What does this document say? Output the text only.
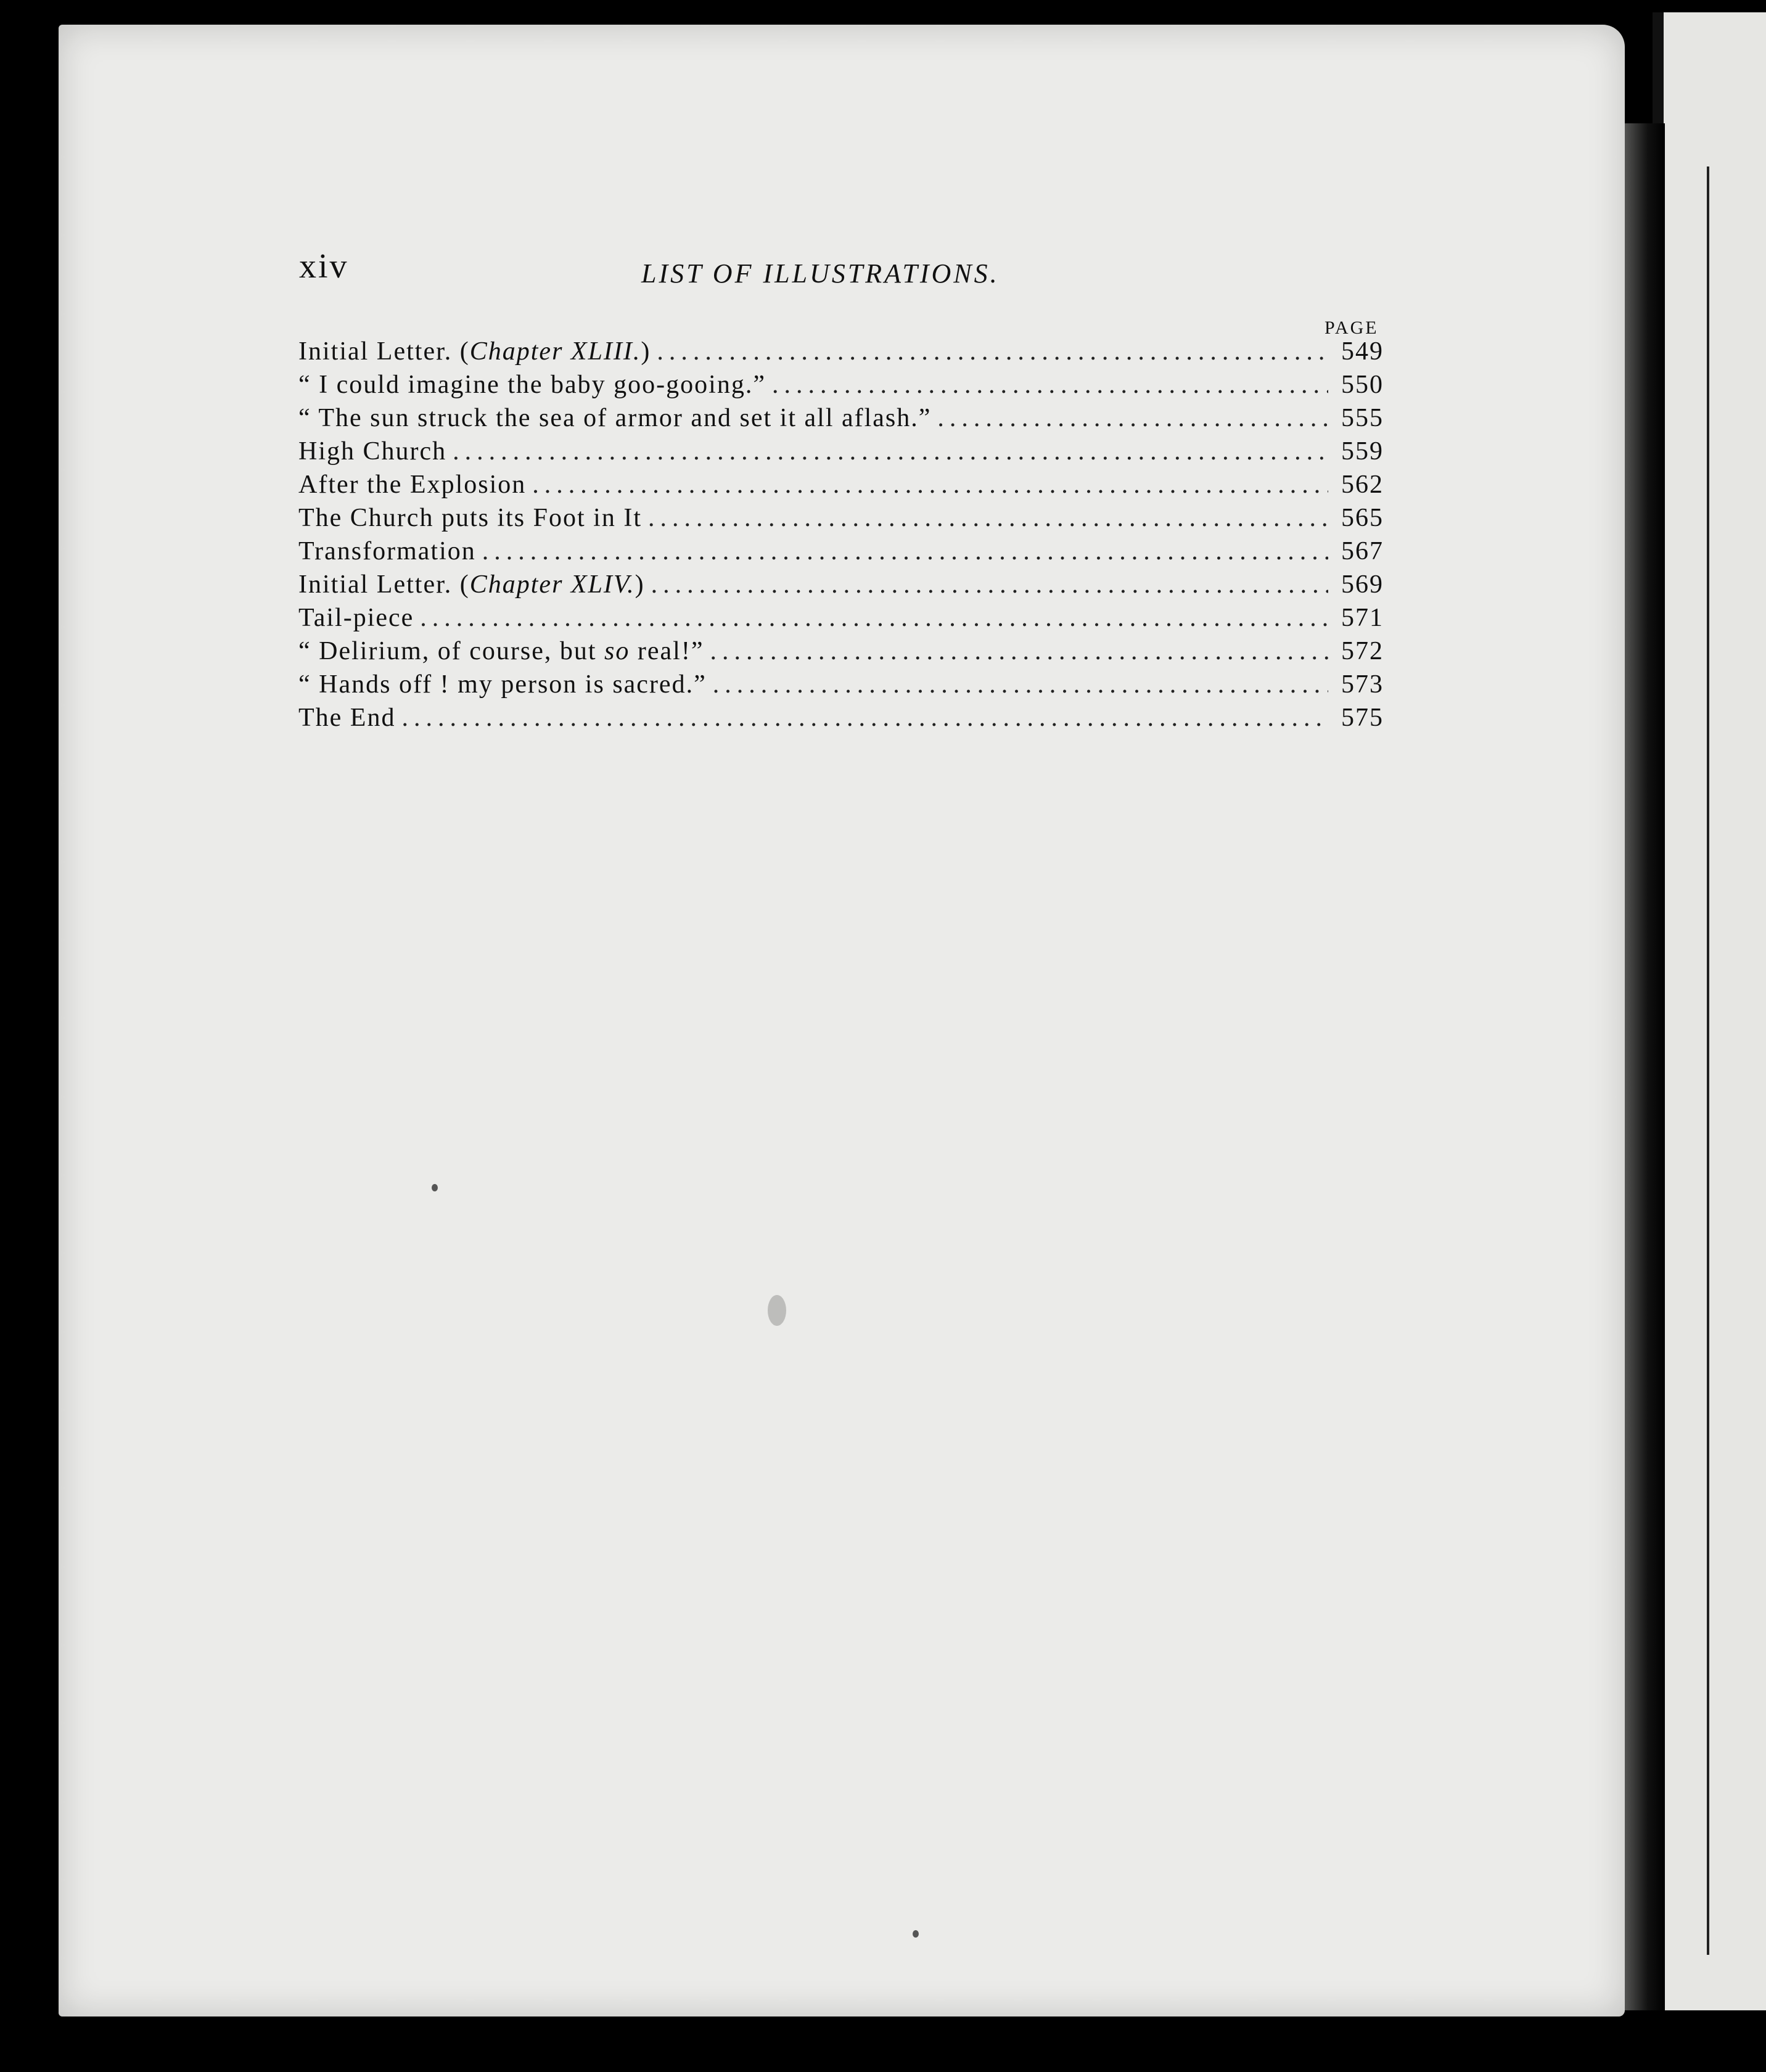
xiv	LIST OF ILLUSTRATIONS.
PAGE
Initial Letter. (Chapter XLIII.) .....	549
“ I could imagine the baby goo-gooing.” .....	550
“ The sun struck the sea of armor and set it all aflash.” .....	555
High Church .....	559
After the Explosion .....	562
The Church puts its Foot in It .....	565
Transformation .....	567
Initial Letter. (Chapter XLIV.) .....	569
Tail-piece .....	571
“ Delirium, of course, but so real!” .....	572
“ Hands off ! my person is sacred.” .....	573
The End .....	575
